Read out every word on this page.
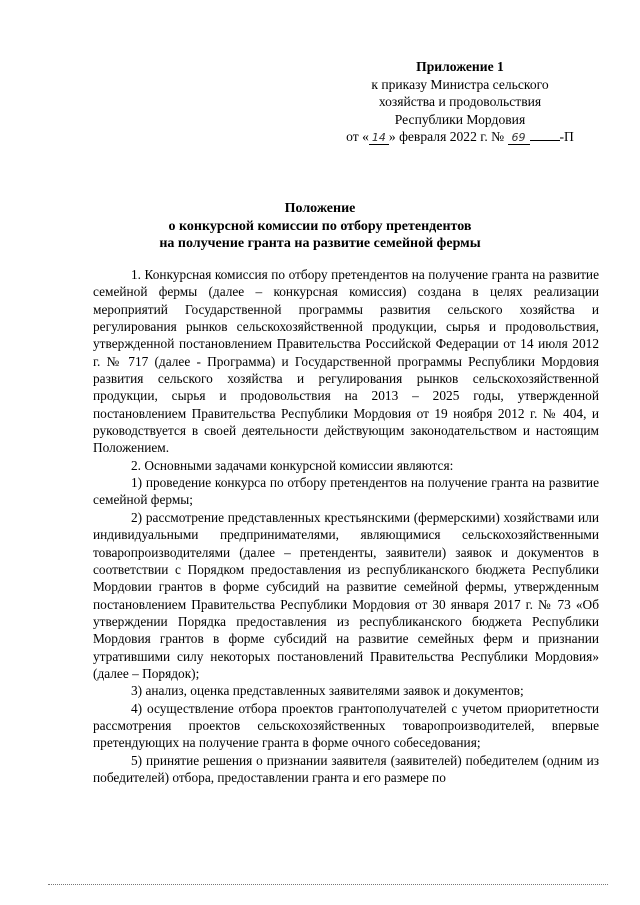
Приложение 1
к приказу Министра сельского
хозяйства и продовольствия
Республики Мордовия
от « 14 » февраля 2022 г. № 69	-П
Положение
о конкурсной комиссии по отбору претендентов
на получение гранта на развитие семейной фермы

1. Конкурсная комиссия по отбору претендентов на получение гранта на развитие семейной фермы (далее – конкурсная комиссия) создана в целях реализации мероприятий Государственной программы развития сельского хозяйства и регулирования рынков сельскохозяйственной продукции, сырья и продовольствия, утвержденной постановлением Правительства Российской Федерации от 14 июля 2012 г. № 717 (далее - Программа) и Государственной программы Республики Мордовия развития сельского хозяйства и регулирования рынков сельскохозяйственной продукции, сырья и продовольствия на 2013 – 2025 годы, утвержденной постановлением Правительства Республики Мордовия от 19 ноября 2012 г. № 404, и руководствуется в своей деятельности действующим законодательством и настоящим Положением.

2. Основными задачами конкурсной комиссии являются:

1) проведение конкурса по отбору претендентов на получение гранта на развитие семейной фермы;

2) рассмотрение представленных крестьянскими (фермерскими) хозяйствами или индивидуальными предпринимателями, являющимися сельскохозяйственными товаропроизводителями (далее – претенденты, заявители) заявок и документов в соответствии с Порядком предоставления из республиканского бюджета Республики Мордовии грантов в форме субсидий на развитие семейной фермы, утвержденным постановлением Правительства Республики Мордовия от 30 января 2017 г. № 73 «Об утверждении Порядка предоставления из республиканского бюджета Республики Мордовия грантов в форме субсидий на развитие семейных ферм и признании утратившими силу некоторых постановлений Правительства Республики Мордовия» (далее – Порядок);

3) анализ, оценка представленных заявителями заявок и документов;

4) осуществление отбора проектов грантополучателей с учетом приоритетности рассмотрения проектов сельскохозяйственных товаропроизводителей, впервые претендующих на получение гранта в форме очного собеседования;

5) принятие решения о признании заявителя (заявителей) победителем (одним из победителей) отбора, предоставлении гранта и его размере по
